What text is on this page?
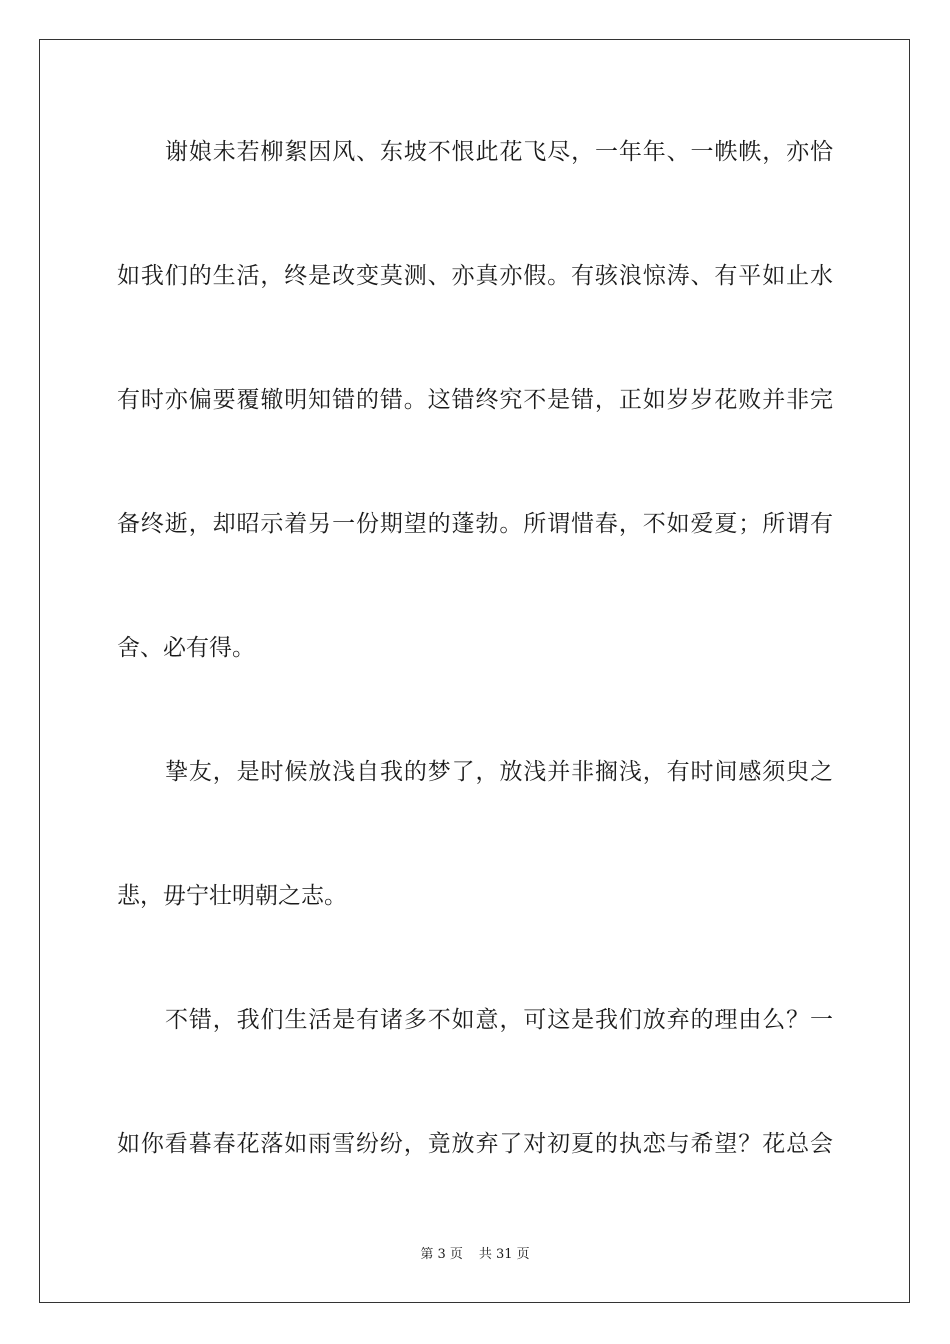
谢娘未若柳絮因风、东坡不恨此花飞尽，一年年、一帙帙，亦恰
如我们的生活，终是改变莫测、亦真亦假。有骇浪惊涛、有平如止水
有时亦偏要覆辙明知错的错。这错终究不是错，正如岁岁花败并非完
备终逝，却昭示着另一份期望的蓬勃。所谓惜春，不如爱夏；所谓有
舍、必有得。
挚友，是时候放浅自我的梦了，放浅并非搁浅，有时间感须臾之
悲，毋宁壮明朝之志。
不错，我们生活是有诸多不如意，可这是我们放弃的理由么？一
如你看暮春花落如雨雪纷纷，竟放弃了对初夏的执恋与希望？花总会
第 3 页 共 31 页
